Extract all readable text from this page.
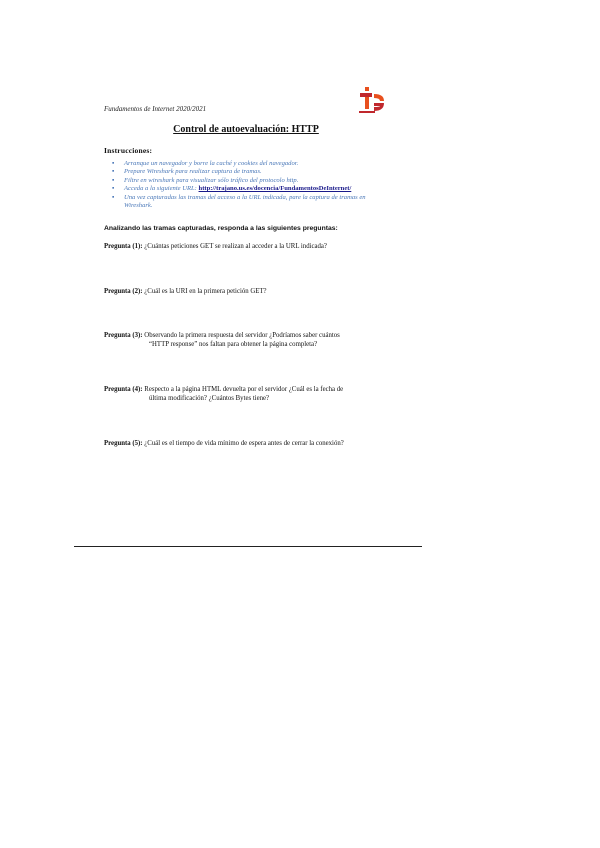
Fundamentos de Internet 2020/2021
Control de autoevaluación: HTTP
Instrucciones:
▪ Arranque un navegador y borre la caché y cookies del navegador.
▪ Prepare Wireshark para realizar captura de tramas.
▪ Filtre en wireshark para visualizar sólo tráfico del protocolo http.
▪ Acceda a la siguiente URL: http://trajano.us.es/docencia/FundamentosDeInternet/
▪ Una vez capturadas las tramas del acceso a la URL indicada, pare la captura de tramas en Wireshark.
Analizando las tramas capturadas, responda a las siguientes preguntas:
Pregunta (1): ¿Cuántas peticiones GET se realizan al acceder a la URL indicada?
Pregunta (2): ¿Cuál es la URI en la primera petición GET?
Pregunta (3): Observando la primera respuesta del servidor ¿Podríamos saber cuántos
“HTTP response” nos faltan para obtener la página completa?
Pregunta (4): Respecto a la página HTML devuelta por el servidor ¿Cuál es la fecha de
última modificación? ¿Cuántos Bytes tiene?
Pregunta (5): ¿Cuál es el tiempo de vida mínimo de espera antes de cerrar la conexión?
